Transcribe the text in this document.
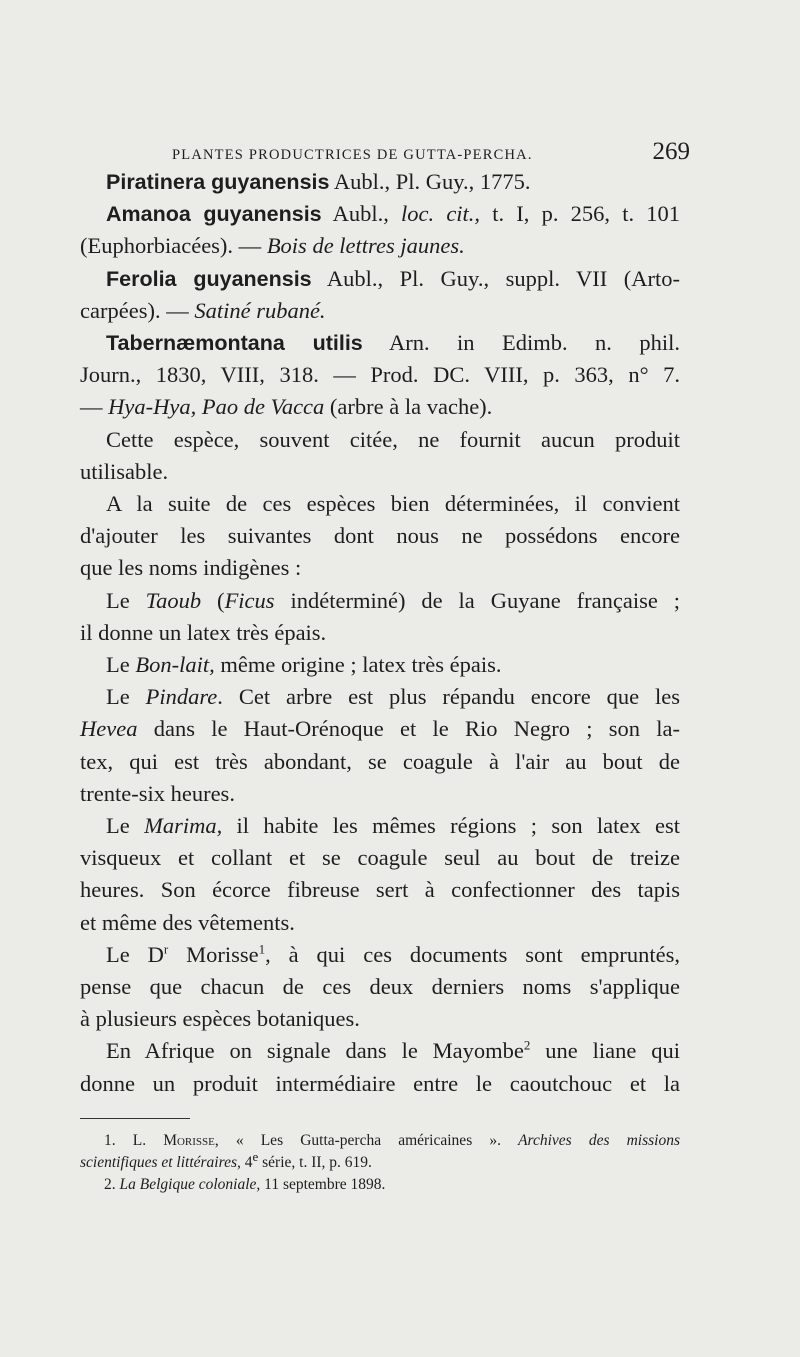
PLANTES PRODUCTRICES DE GUTTA-PERCHA.	269
Piratinera guyanensis Aubl., Pl. Guy., 1775.
Amanoa guyanensis Aubl., loc. cit., t. I, p. 256, t. 101
(Euphorbiacées). — Bois de lettres jaunes.
Ferolia guyanensis Aubl., Pl. Guy., suppl. VII (Arto-
carpées). — Satiné rubané.
Tabernæmontana utilis Arn. in Edimb. n. phil.
Journ., 1830, VIII, 318. — Prod. DC. VIII, p. 363, n° 7.
— Hya-Hya, Pao de Vacca (arbre à la vache).
Cette espèce, souvent citée, ne fournit aucun produit
utilisable.
A la suite de ces espèces bien déterminées, il convient
d'ajouter les suivantes dont nous ne possédons encore
que les noms indigènes :
Le Taoub (Ficus indéterminé) de la Guyane française ;
il donne un latex très épais.
Le Bon-lait, même origine ; latex très épais.
Le Pindare. Cet arbre est plus répandu encore que les
Hevea dans le Haut-Orénoque et le Rio Negro ; son la-
tex, qui est très abondant, se coagule à l'air au bout de
trente-six heures.
Le Marima, il habite les mêmes régions ; son latex est
visqueux et collant et se coagule seul au bout de treize
heures. Son écorce fibreuse sert à confectionner des tapis
et même des vêtements.
Le $D^r$ Morisse$^1$, à qui ces documents sont empruntés,
pense que chacun de ces deux derniers noms s'applique
à plusieurs espèces botaniques.
En Afrique on signale dans le Mayombe$^2$ une liane qui
donne un produit intermédiaire entre le caoutchouc et la
1. L. Morisse, « Les Gutta-percha américaines ». Archives des missions
scientifiques et littéraires, 4e série, t. II, p. 619.
2. La Belgique coloniale, 11 septembre 1898.
